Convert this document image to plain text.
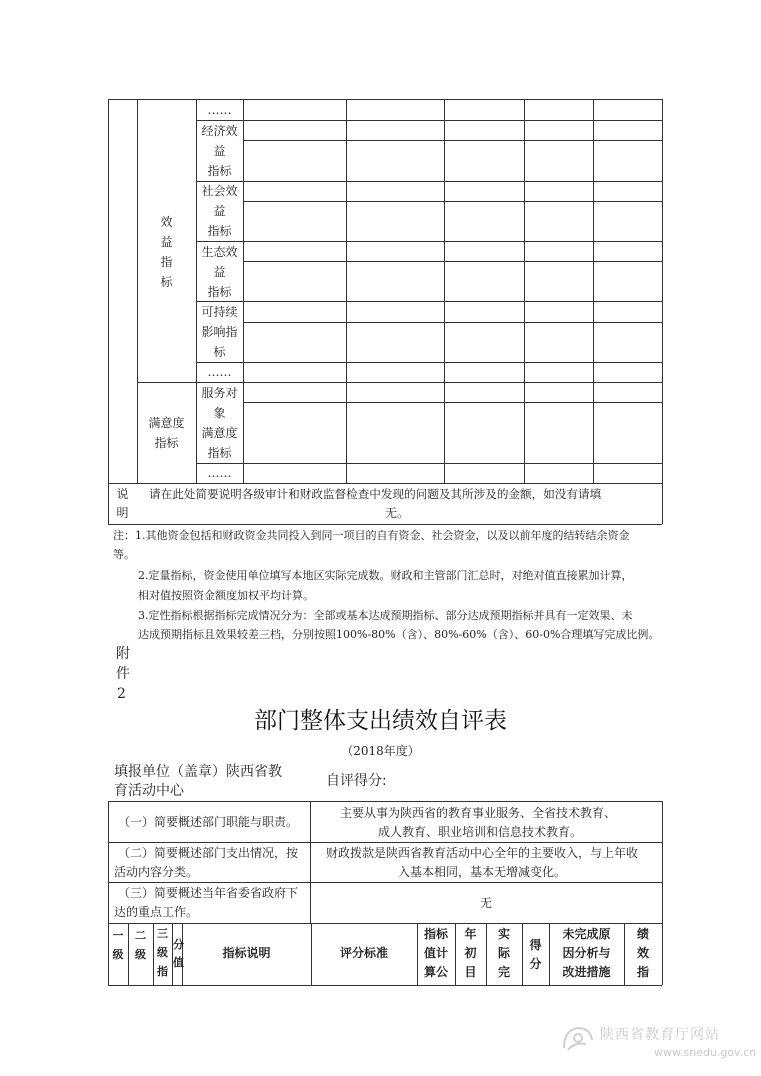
……
效
益
指
标
经济效
益
指标
社会效
益
指标
生态效
益
指标
可持续
影响指
标
……
满意度
指标
服务对
象
满意度
指标
……
说
明
请在此处简要说明各级审计和财政监督检查中发现的问题及其所涉及的金额，如没有请填
无。
注：1.其他资金包括和财政资金共同投入到同一项目的自有资金、社会资金，以及以前年度的结转结余资金
等。
2.定量指标，资金使用单位填写本地区实际完成数。财政和主管部门汇总时，对绝对值直接累加计算，
相对值按照资金额度加权平均计算。
3.定性指标根据指标完成情况分为：全部或基本达成预期指标、部分达成预期指标并具有一定效果、未
达成预期指标且效果较差三档，分别按照100%-80%（含）、80%-60%（含）、60-0%合理填写完成比例。
附
件
2
部门整体支出绩效自评表
（2018年度）
填报单位（盖章）陕西省教
育活动中心
自评得分:
（一）简要概述部门职能与职责。
主要从事为陕西省的教育事业服务、全省技术教育、
成人教育、职业培训和信息技术教育。
（二）简要概述部门支出情况，按
活动内容分类。
财政拨款是陕西省教育活动中心全年的主要收入，与上年收
入基本相同，基本无增减变化。
（三）简要概述当年省委省政府下
达的重点工作。
无
一
级
二
级
三
级
指
分
值
指标说明	评分标准
指标
值计
算公
年
初
目
实
际
完
得
分
未完成原
因分析与
改进措施
绩
效
指
陕西省教育厅网站
www.snedu.gov.cn
